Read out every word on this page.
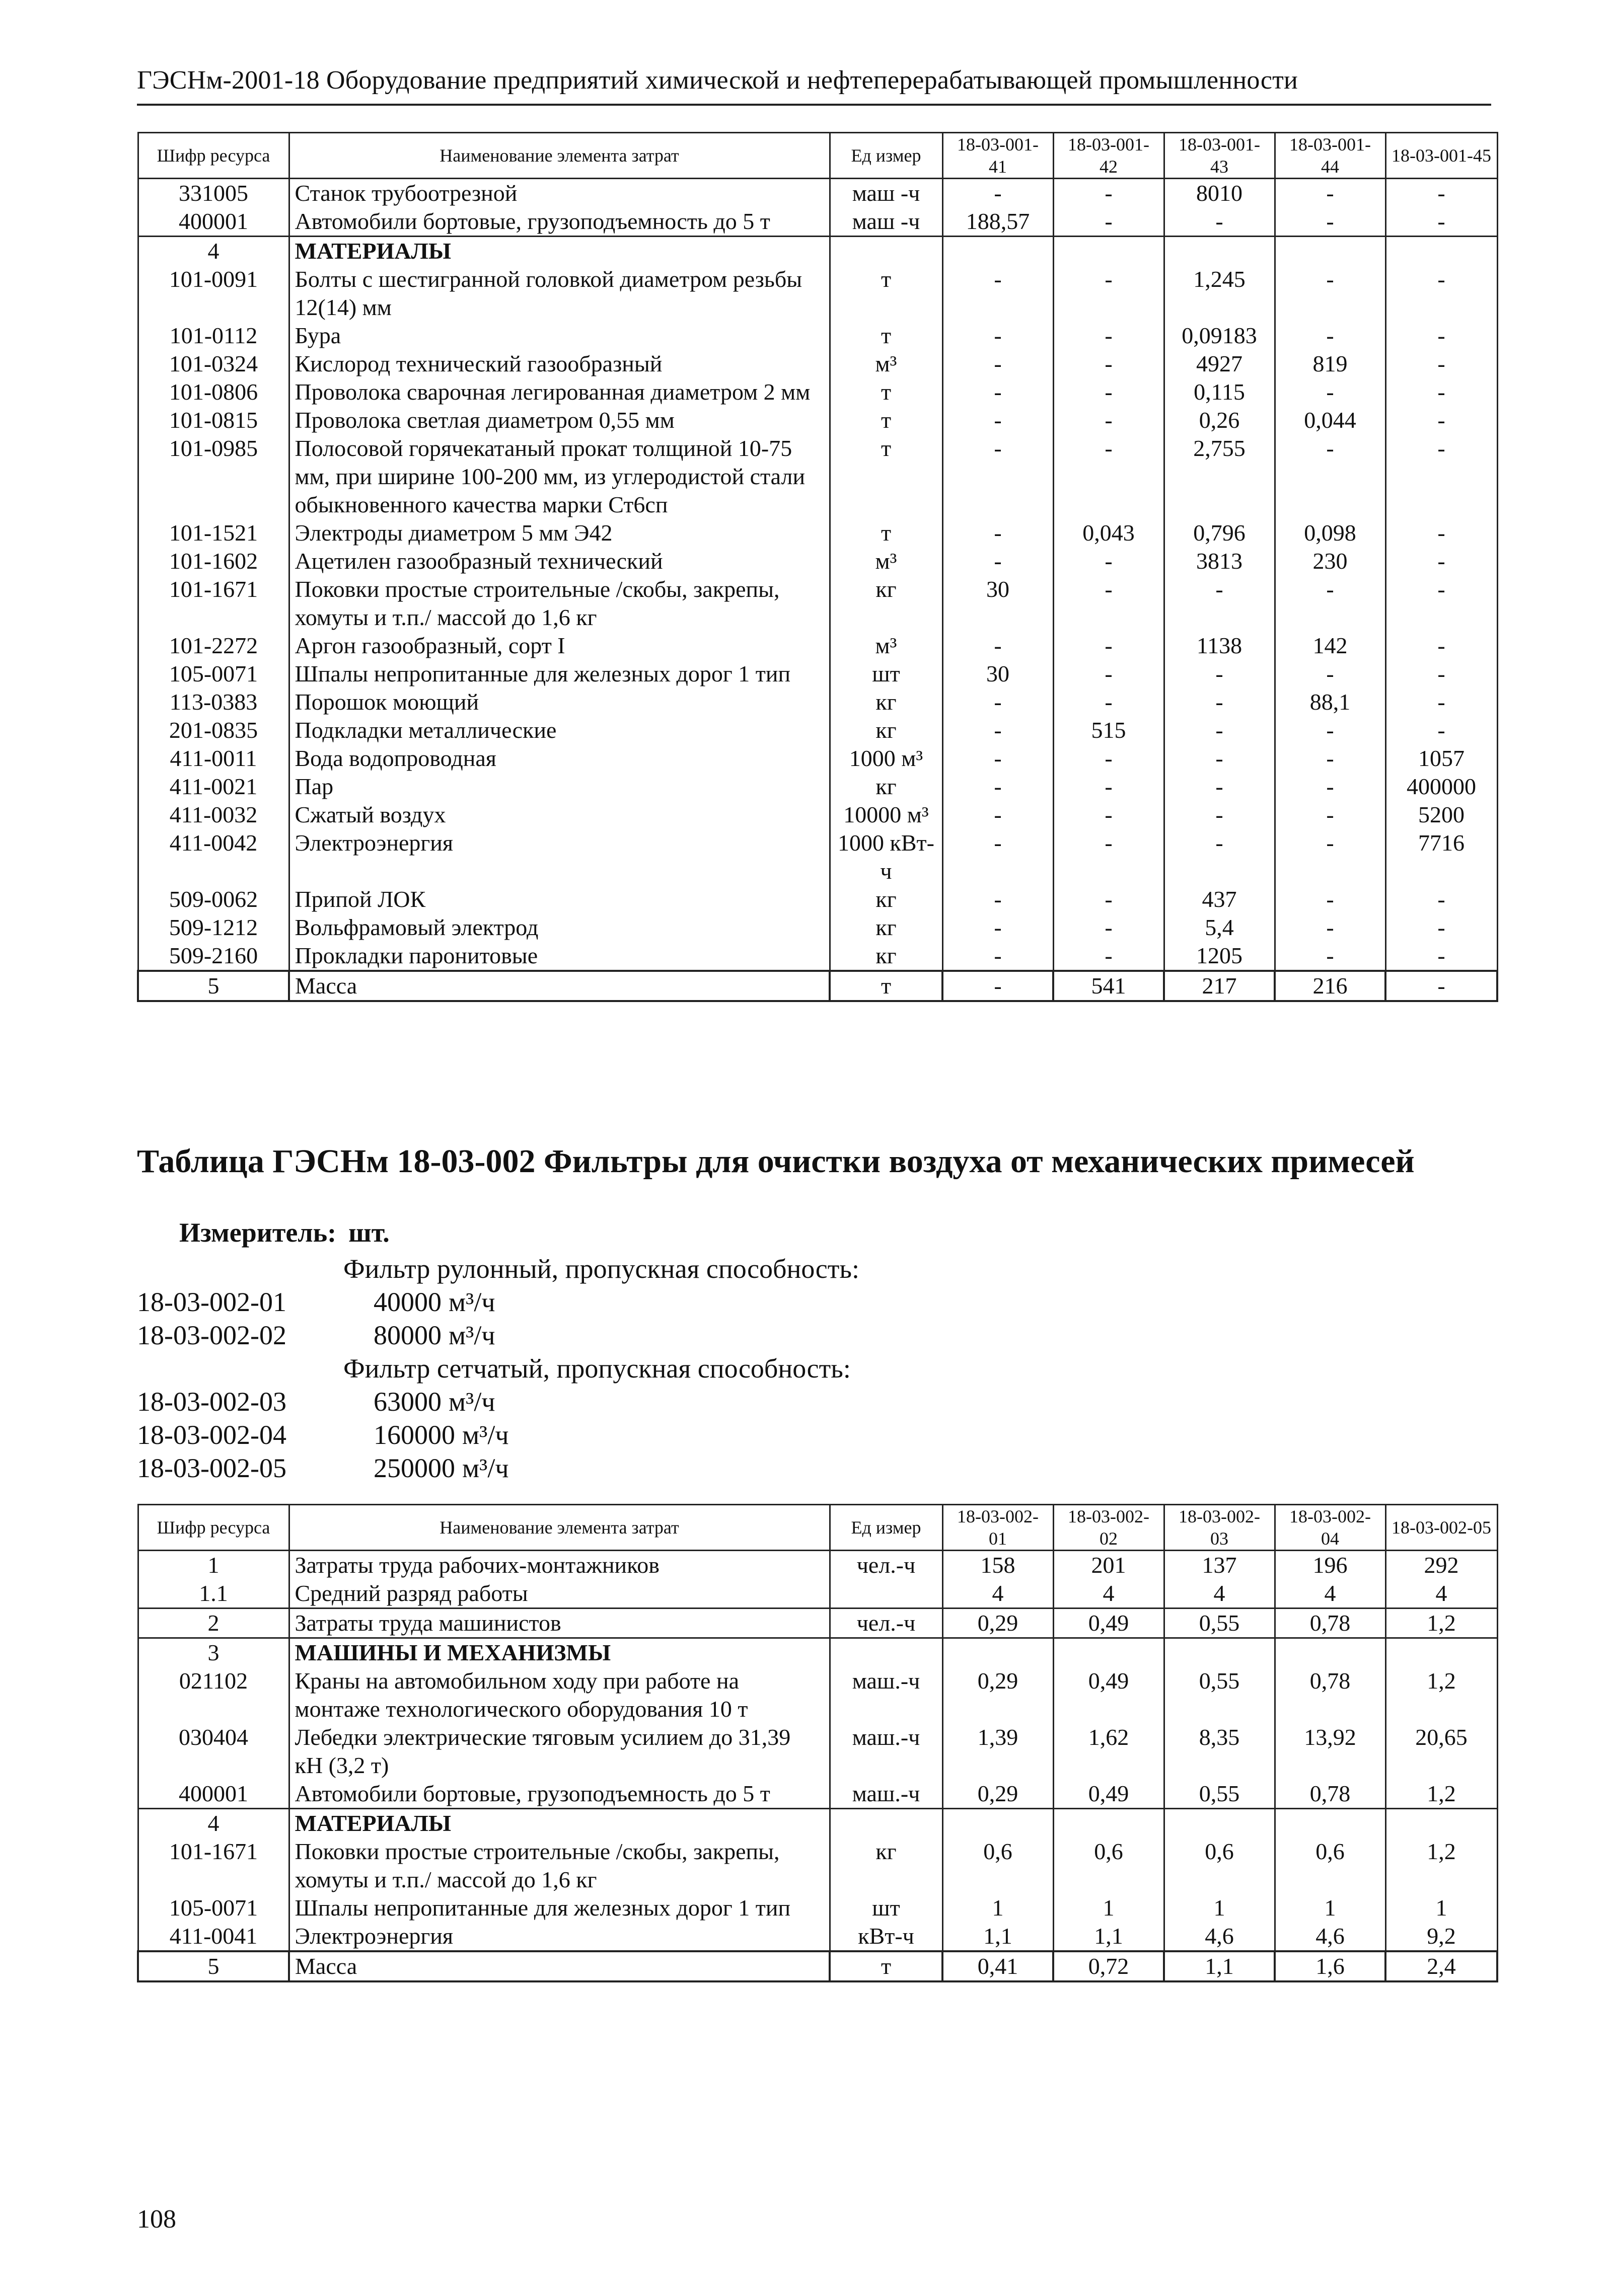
ГЭСНм-2001-18 Оборудование предприятий химической и нефтеперерабатывающей промышленности
Шифр ресурса	Наименование элемента затрат	Ед измер	18-03-001-41	18-03-001-42	18-03-001-43	18-03-001-44	18-03-001-45
331005	Станок трубоотрезной	маш -ч	-	-	8010	-	-
400001	Автомобили бортовые, грузоподъемность до 5 т	маш -ч	188,57	-	-	-	-
4	МАТЕРИАЛЫ						
101-0091	Болты с шестигранной головкой диаметром резьбы 12(14) мм	т	-	-	1,245	-	-
101-0112	Бура	т	-	-	0,09183	-	-
101-0324	Кислород технический газообразный	м³	-	-	4927	819	-
101-0806	Проволока сварочная легированная диаметром 2 мм	т	-	-	0,115	-	-
101-0815	Проволока светлая диаметром 0,55 мм	т	-	-	0,26	0,044	-
101-0985	Полосовой горячекатаный прокат толщиной 10-75 мм, при ширине 100-200 мм, из углеродистой стали обыкновенного качества марки Ст6сп	т	-	-	2,755	-	-
101-1521	Электроды диаметром 5 мм Э42	т	-	0,043	0,796	0,098	-
101-1602	Ацетилен газообразный технический	м³	-	-	3813	230	-
101-1671	Поковки простые строительные /скобы, закрепы, хомуты и т.п./ массой до 1,6 кг	кг	30	-	-	-	-
101-2272	Аргон газообразный, сорт I	м³	-	-	1138	142	-
105-0071	Шпалы непропитанные для железных дорог 1 тип	шт	30	-	-	-	-
113-0383	Порошок моющий	кг	-	-	-	88,1	-
201-0835	Подкладки металлические	кг	-	515	-	-	-
411-0011	Вода водопроводная	1000 м³	-	-	-	-	1057
411-0021	Пар	кг	-	-	-	-	400000
411-0032	Сжатый воздух	10000 м³	-	-	-	-	5200
411-0042	Электроэнергия	1000 кВт-ч	-	-	-	-	7716
509-0062	Припой ЛОК	кг	-	-	437	-	-
509-1212	Вольфрамовый электрод	кг	-	-	5,4	-	-
509-2160	Прокладки паронитовые	кг	-	-	1205	-	-
5	Масса	т	-	541	217	216	-
Таблица ГЭСНм 18-03-002 Фильтры для очистки воздуха от механических примесей
Измеритель: шт.
Фильтр рулонный, пропускная способность:
18-03-002-01	40000 м³/ч
18-03-002-02	80000 м³/ч
Фильтр сетчатый, пропускная способность:
18-03-002-03	63000 м³/ч
18-03-002-04	160000 м³/ч
18-03-002-05	250000 м³/ч
Шифр ресурса	Наименование элемента затрат	Ед измер	18-03-002-01	18-03-002-02	18-03-002-03	18-03-002-04	18-03-002-05
1	Затраты труда рабочих-монтажников	чел.-ч	158	201	137	196	292
1.1	Средний разряд работы		4	4	4	4	4
2	Затраты труда машинистов	чел.-ч	0,29	0,49	0,55	0,78	1,2
3	МАШИНЫ И МЕХАНИЗМЫ						
021102	Краны на автомобильном ходу при работе на монтаже технологического оборудования 10 т	маш.-ч	0,29	0,49	0,55	0,78	1,2
030404	Лебедки электрические тяговым усилием до 31,39 кН (3,2 т)	маш.-ч	1,39	1,62	8,35	13,92	20,65
400001	Автомобили бортовые, грузоподъемность до 5 т	маш.-ч	0,29	0,49	0,55	0,78	1,2
4	МАТЕРИАЛЫ						
101-1671	Поковки простые строительные /скобы, закрепы, хомуты и т.п./ массой до 1,6 кг	кг	0,6	0,6	0,6	0,6	1,2
105-0071	Шпалы непропитанные для железных дорог 1 тип	шт	1	1	1	1	1
411-0041	Электроэнергия	кВт-ч	1,1	1,1	4,6	4,6	9,2
5	Масса	т	0,41	0,72	1,1	1,6	2,4
108
